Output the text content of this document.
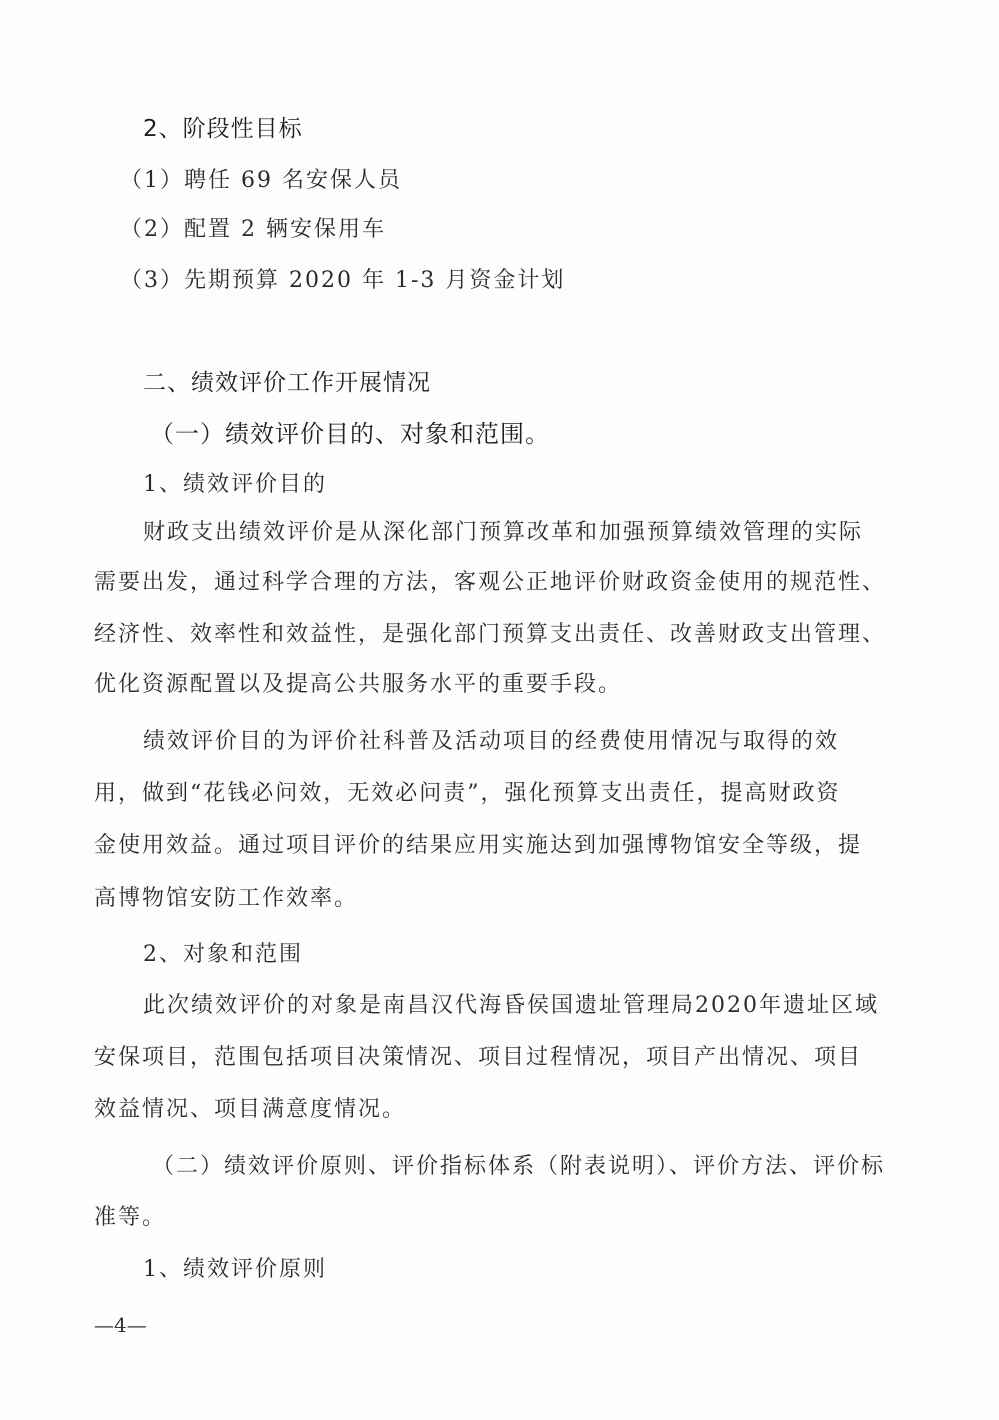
2、阶段性目标
（1）聘任 69 名安保人员
（2）配置 2 辆安保用车
（3）先期预算 2020 年 1-3 月资金计划
二、绩效评价工作开展情况
（一）绩效评价目的、对象和范围。
1、绩效评价目的
财政支出绩效评价是从深化部门预算改革和加强预算绩效管理的实际
需要出发，通过科学合理的方法，客观公正地评价财政资金使用的规范性、
经济性、效率性和效益性，是强化部门预算支出责任、改善财政支出管理、
优化资源配置以及提高公共服务水平的重要手段。
绩效评价目的为评价社科普及活动项目的经费使用情况与取得的效
用，做到“花钱必问效，无效必问责”，强化预算支出责任，提高财政资
金使用效益。通过项目评价的结果应用实施达到加强博物馆安全等级，提
高博物馆安防工作效率。
2、对象和范围
此次绩效评价的对象是南昌汉代海昏侯国遗址管理局2020年遗址区域
安保项目，范围包括项目决策情况、项目过程情况，项目产出情况、项目
效益情况、项目满意度情况。
（二）绩效评价原则、评价指标体系（附表说明）、评价方法、评价标
准等。
1、绩效评价原则
—4—
